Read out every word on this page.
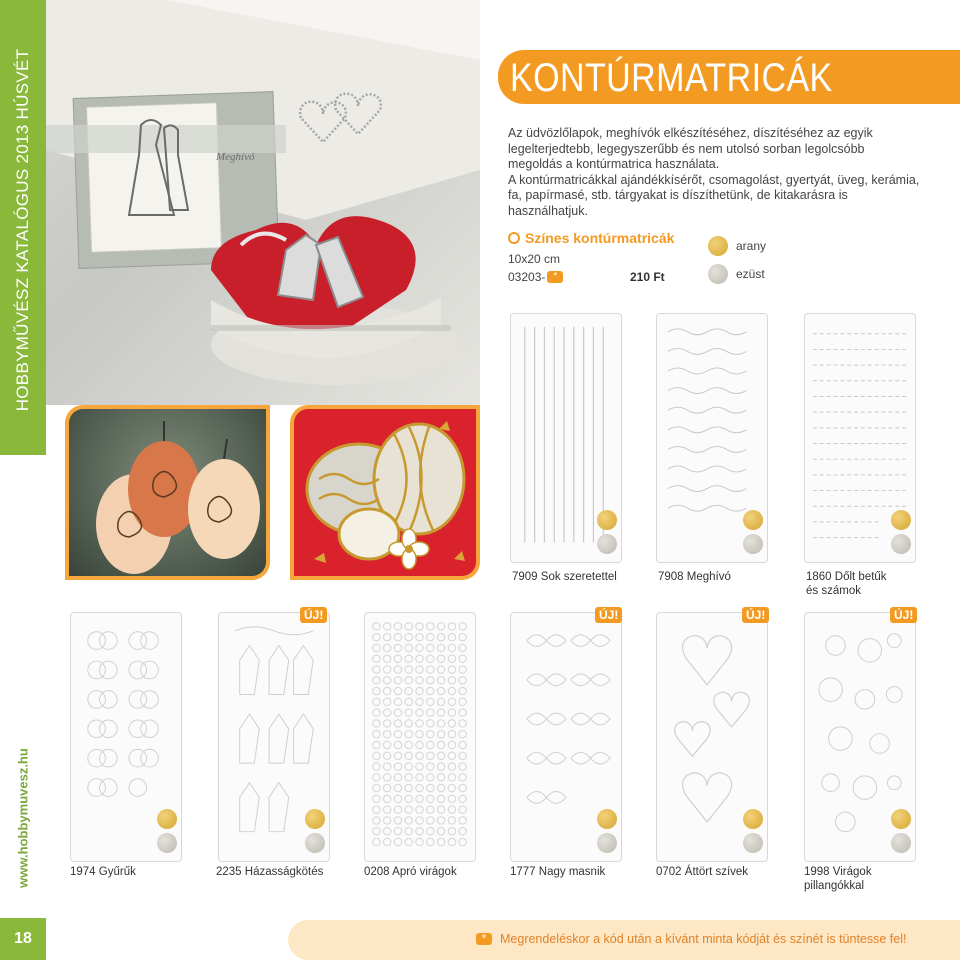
HOBBYMŰVÉSZ KATALÓGUS 2013 HÚSVÉT
www.hobbymuvesz.hu
18
Meghívó
KONTÚRMATRICÁK

Az üdvözlőlapok, meghívók elkészítéséhez, díszítéséhez az egyik legelterjedtebb, legegyszerűbb és nem utolsó sorban legolcsóbb megoldás a kontúrmatrica használata.

A kontúrmatricákkal ajándékkísérőt, csomagolást, gyertyát, üveg, kerámia, fa, papírmasé, stb. tárgyakat is díszíthetünk, de kitakarásra is használhatjuk.

Színes kontúrmatricák
10x20 cm
03203- *	210 Ft
arany
ezüst
7909 Sok szeretettel	7908 Meghívó	1860 Dőlt betűk
és számok
ÚJ!	ÚJ!	ÚJ!	ÚJ!
1974 Gyűrűk	2235 Házasságkötés	0208 Apró virágok	1777 Nagy masnik	0702 Áttört szívek	1998 Virágok
pillangókkal
*	Megrendeléskor a kód után a kívánt minta kódját és színét is tüntesse fel!
